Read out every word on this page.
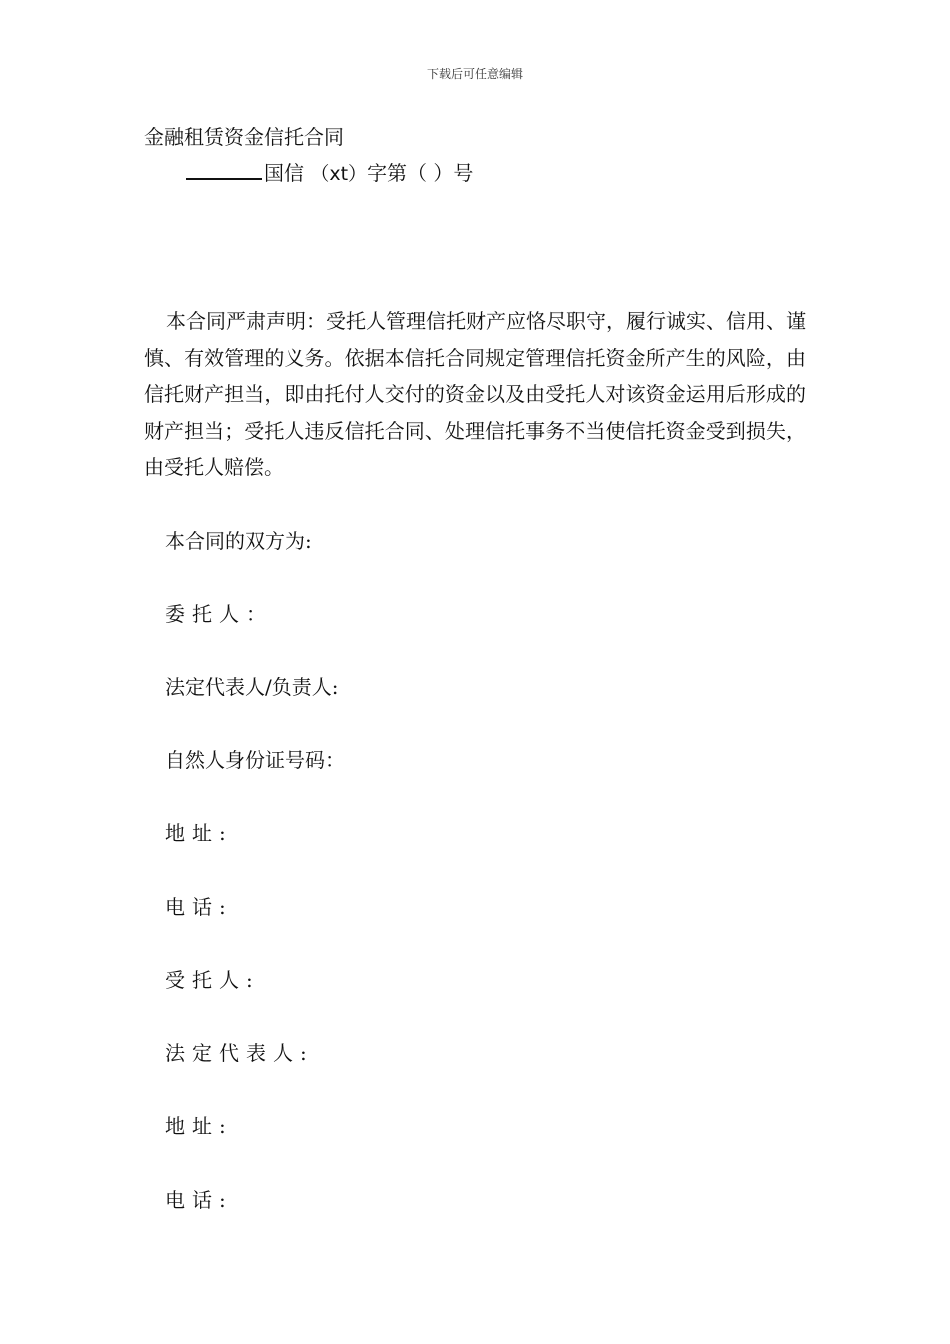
下载后可任意编辑
金融租赁资金信托合同
国信 （xt）字第（ ）号

本合同严肃声明：受托人管理信托财产应恪尽职守，履行诚实、信用、谨慎、有效管理的义务。依据本信托合同规定管理信托资金所产生的风险，由信托财产担当，即由托付人交付的资金以及由受托人对该资金运用后形成的财产担当；受托人违反信托合同、处理信托事务不当使信托资金受到损失，由受托人赔偿。

本合同的双方为:
委托人：
法定代表人/负责人:
自然人身份证号码：
地址:
电话:
受托人:
法定代表人:
地址:
电话:
